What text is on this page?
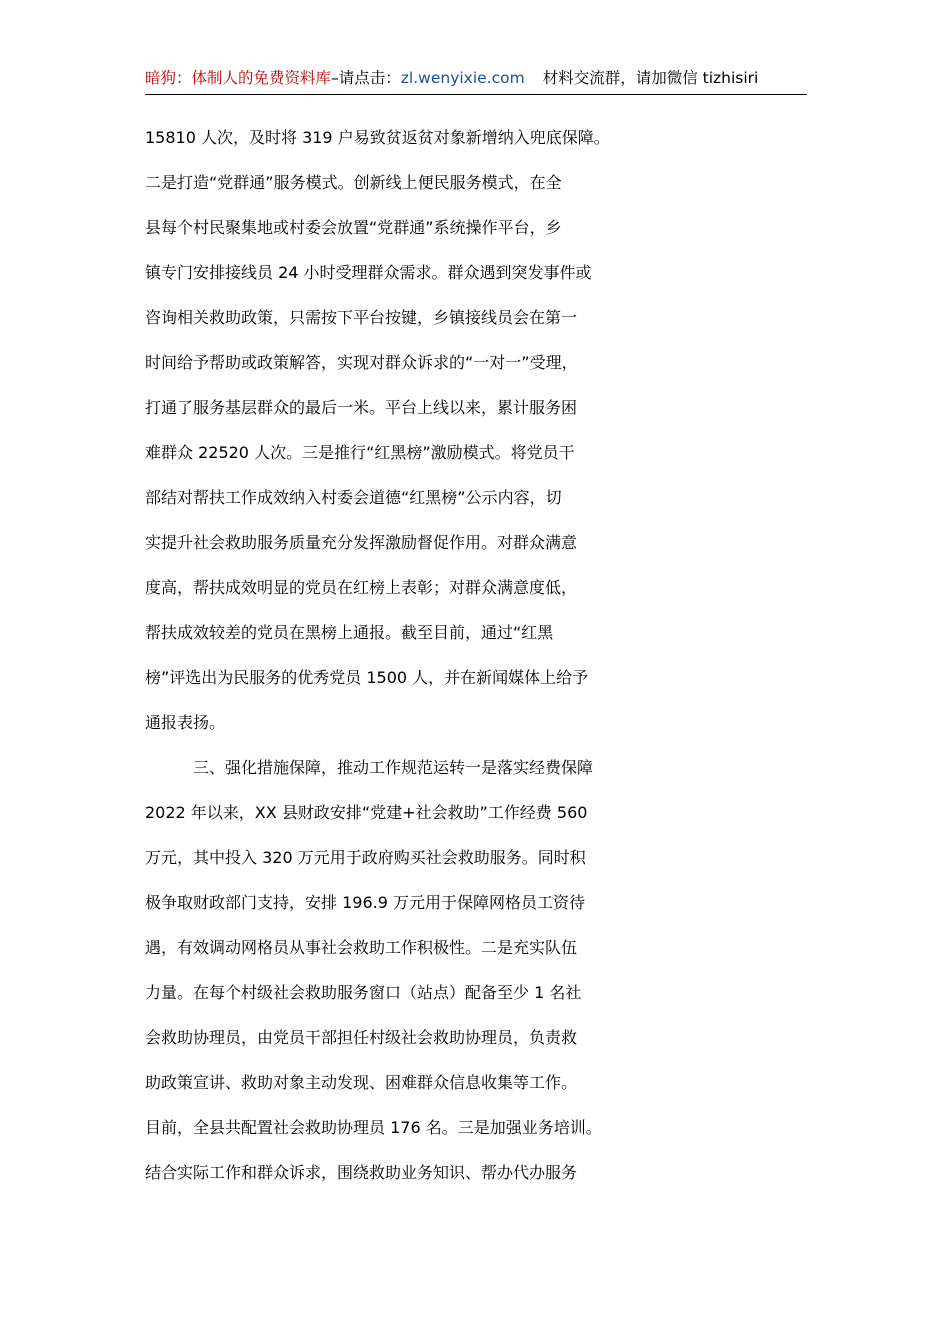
暗狗：体制人的免费资料库–请点击：zl.wenyixie.com 材料交流群，请加微信 tizhisiri
15810 人次，及时将 319 户易致贫返贫对象新增纳入兜底保障。
二是打造“党群通”服务模式。创新线上便民服务模式，在全
县每个村民聚集地或村委会放置“党群通”系统操作平台，乡
镇专门安排接线员 24 小时受理群众需求。群众遇到突发事件或
咨询相关救助政策，只需按下平台按键，乡镇接线员会在第一
时间给予帮助或政策解答，实现对群众诉求的“一对一”受理，
打通了服务基层群众的最后一米。平台上线以来，累计服务困
难群众 22520 人次。三是推行“红黑榜”激励模式。将党员干
部结对帮扶工作成效纳入村委会道德“红黑榜”公示内容，切
实提升社会救助服务质量充分发挥激励督促作用。对群众满意
度高，帮扶成效明显的党员在红榜上表彰；对群众满意度低，
帮扶成效较差的党员在黑榜上通报。截至目前，通过“红黑
榜”评选出为民服务的优秀党员 1500 人，并在新闻媒体上给予
通报表扬。
三、强化措施保障，推动工作规范运转一是落实经费保障
2022 年以来，XX 县财政安排“党建+社会救助”工作经费 560
万元，其中投入 320 万元用于政府购买社会救助服务。同时积
极争取财政部门支持，安排 196.9 万元用于保障网格员工资待
遇，有效调动网格员从事社会救助工作积极性。二是充实队伍
力量。在每个村级社会救助服务窗口（站点）配备至少 1 名社
会救助协理员，由党员干部担任村级社会救助协理员，负责救
助政策宣讲、救助对象主动发现、困难群众信息收集等工作。
目前，全县共配置社会救助协理员 176 名。三是加强业务培训。
结合实际工作和群众诉求，围绕救助业务知识、帮办代办服务
